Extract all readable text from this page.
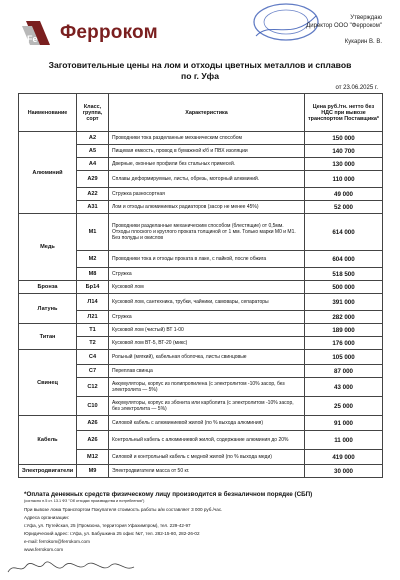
Fe Ферроком
Утверждаю
Директор ООО "Ферроком"
Кукарин В. В.
Заготовительные цены на лом и отходы цветных металлов и сплавов
по г. Уфа
от 23.06.2025 г.
Наименование	Класс, группа, сорт	Характеристика	Цена руб./тн. нетто без НДС при вывозе транспортом Поставщика*
Алюминий	А2	Проводники тока разделанные механическим способом	150 000
	А5	Пищевая емкость, провод в бумажной к/б и ПВХ изоляции	140 700
	А4	Дверные, оконные профили без стальных примесей.	130 000
	А29	Сплавы деформируемые, листы, обрезь, моторный алюминий.	110 000
	А22	Стружка разносортная	49 000
	А31	Лом и отходы алюминиевых радиаторов (засор не менее 45%)	52 000
Медь	М1	Проводники разделанные механическим способом (блестящие) от 0,5мм. Отходы плоского и круглого проката толщиной от 1 мм. Только марки М0 и М1. Без полуды и окислов	614 000
	М2	Проводники тока и отходы проката в лаке, с пайкой, после обжига	604 000
	М8	Стружка	518 500
Бронза	Бр14	Кусковой лом	500 000
Латунь	Л14	Кусковой лом, сантехника, трубки, чайники, самовары, сепараторы	391 000
	Л21	Стружка	282 000
Титан	Т1	Кусковой лом (чистый) ВТ 1-00	189 000
	Т2	Кусковой лом ВТ-5, ВТ-20 (микс)	176 000
Свинец	С4	Рольный (мягкий), кабельная оболочка, листы свинцовые	105 000
	С7	Переплав свинца	87 000
	С12	Аккумуляторы, корпус из полипропилена (с электролитом -10% засор, без электролита — 5%)	43 000
	С10	Аккумуляторы, корпус из эбонита или карболита (с электролитом -10% засор, без электролита — 5%)	25 000
Кабель	А26	Силовой кабель с алюминиевой жилой (по % выхода алюминия)	91 000
	А26	Контрольный кабель с алюминиевой жилой, содержание алюминия до 20%	11 000
	М12	Силовой и контрольный кабель с медной жилой (по % выхода меди)	419 000
Электродвигатели	М9	Электродвигатели масса от 50 кг.	30 000
*Оплата денежных средств физическому лицу производится в безналичном порядке (СБП)
(согласно п.5 ст. 13.1 ФЗ "Об отходах производства и потребления")
При вывозе лома Транспортом Покупателя стоимость работы а/м составляет 3 000 руб./час.
Адреса организации:
г.Уфа, ул. Путейская, 25 (Промзона, территория Уфахимпром), тел. 229-42-97
Юридический адрес: г.Уфа, ул. Бабушкина 25 офис №7, тел. 282-15-80, 282-26-02
e-mail: ferrokom@ferrokom.com
www.ferrokom.com
